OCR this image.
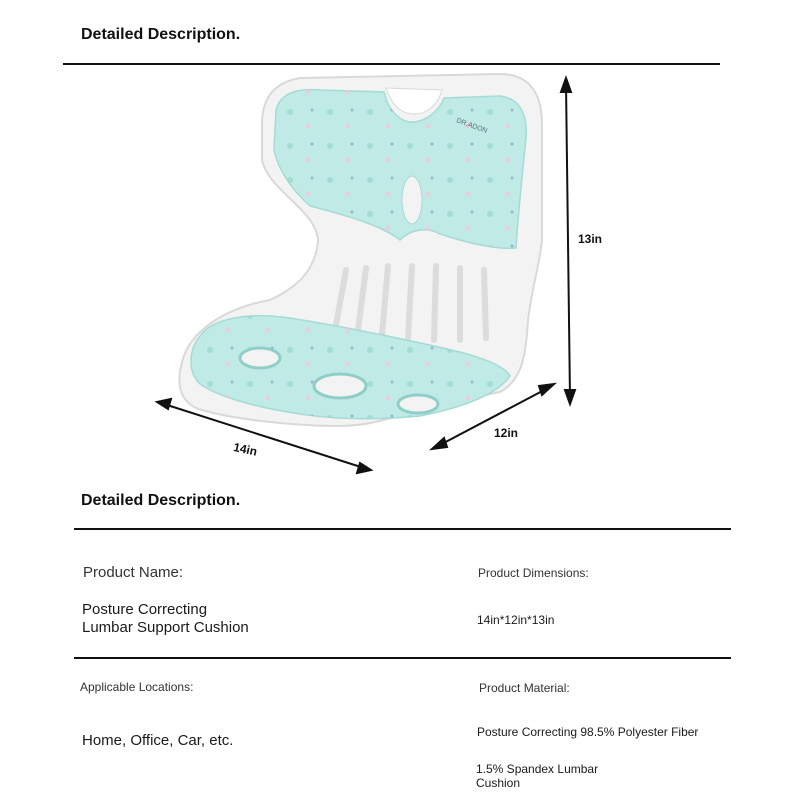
Detailed Description.
DR.ADON
13in
12in
14in
Detailed Description.
Product Name:
Posture Correcting
Lumbar Support Cushion
Product Dimensions:
14in*12in*13in
Applicable Locations:
Home, Office, Car, etc.
Product Material:
Posture Correcting 98.5% Polyester Fiber
1.5% Spandex Lumbar
Cushion
